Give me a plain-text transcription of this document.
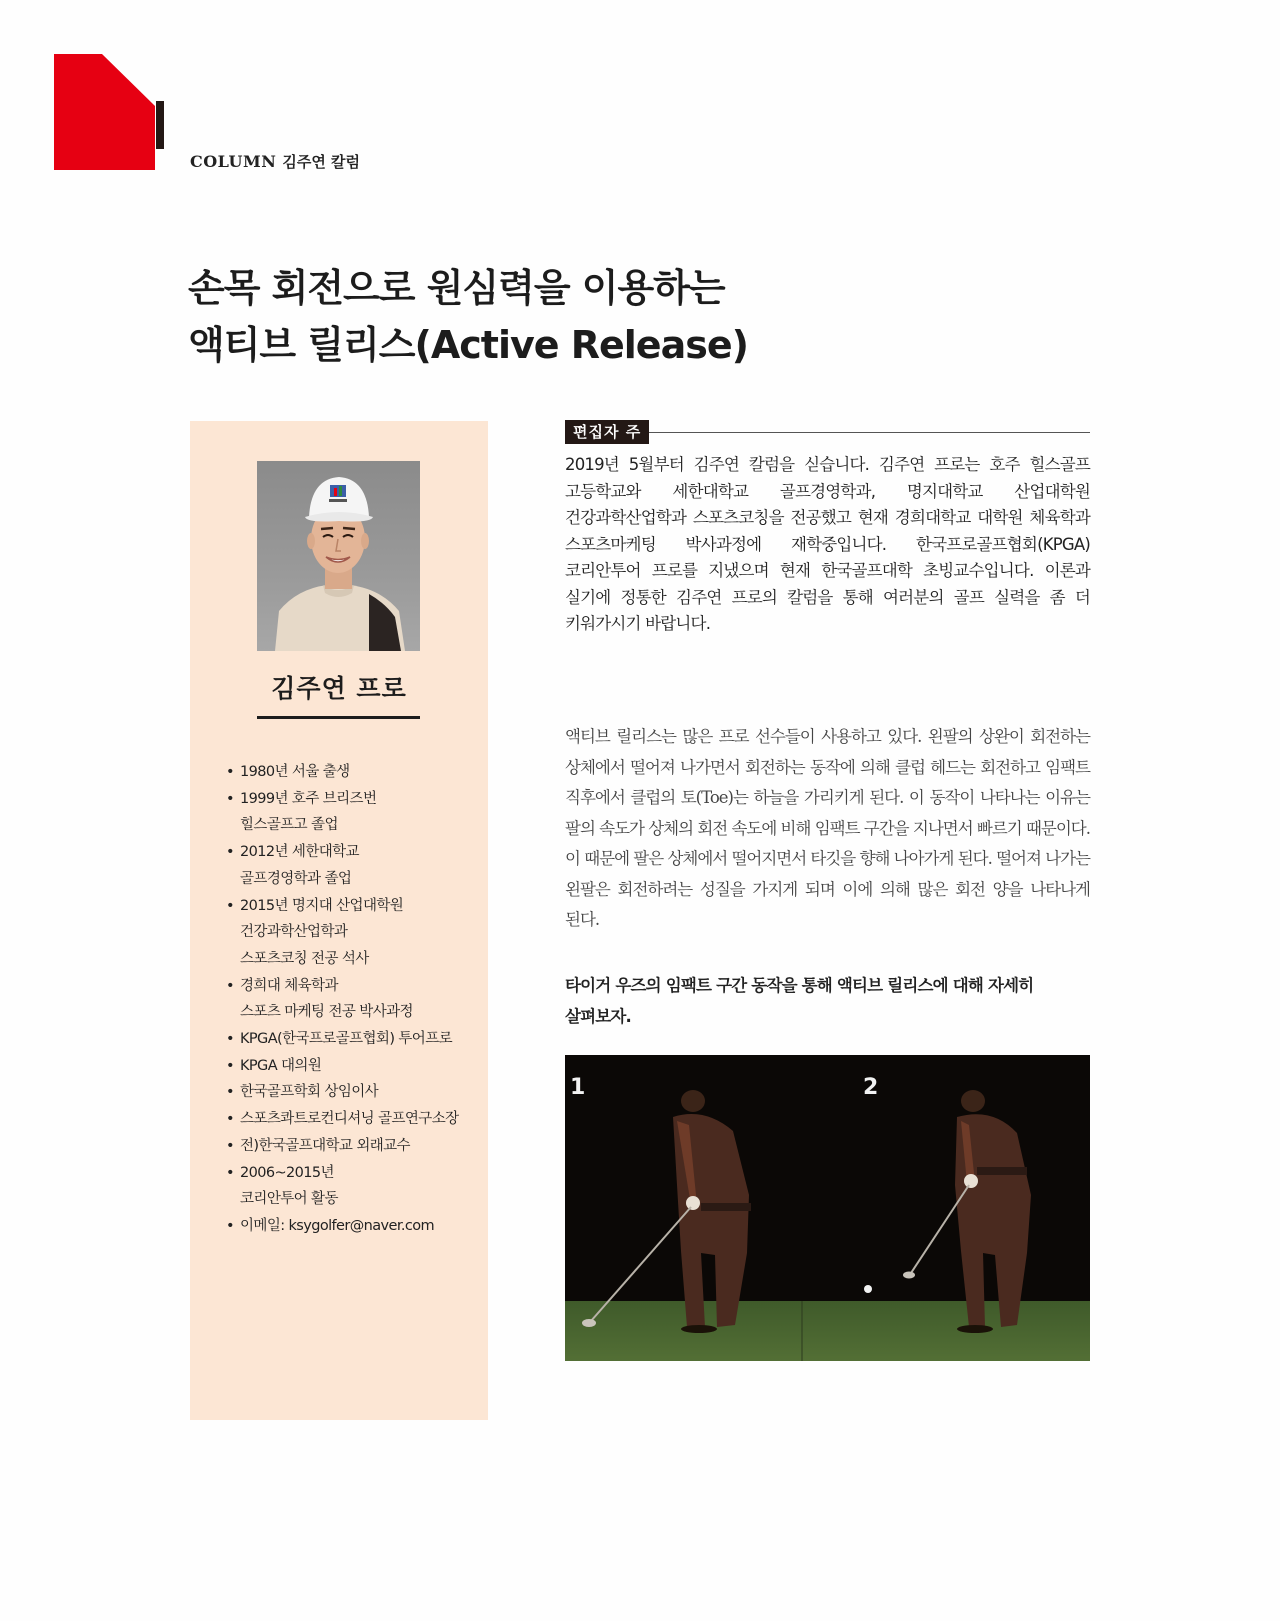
COLUMN 김주연 칼럼
손목 회전으로 원심력을 이용하는
액티브 릴리스(Active Release)
김주연 프로
• 1980년 서울 출생
• 1999년 호주 브리즈번
힐스골프고 졸업
• 2012년 세한대학교
골프경영학과 졸업
• 2015년 명지대 산업대학원
건강과학산업학과
스포츠코칭 전공 석사
• 경희대 체육학과
스포츠 마케팅 전공 박사과정
• KPGA(한국프로골프협회) 투어프로
• KPGA 대의원
• 한국골프학회 상임이사
• 스포츠콰트로컨디셔닝 골프연구소장
• 전)한국골프대학교 외래교수
• 2006~2015년
코리안투어 활동
• 이메일: ksygolfer@naver.com
편집자 주

2019년 5월부터 김주연 칼럼을 싣습니다. 김주연 프로는 호주 힐스골프 고등학교와 세한대학교 골프경영학과, 명지대학교 산업대학원 건강과학산업학과 스포츠코칭을 전공했고 현재 경희대학교 대학원 체육학과 스포츠마케팅 박사과정에 재학중입니다. 한국프로골프협회(KPGA) 코리안투어 프로를 지냈으며 현재 한국골프대학 초빙교수입니다. 이론과 실기에 정통한 김주연 프로의 칼럼을 통해 여러분의 골프 실력을 좀 더 키워가시기 바랍니다.

액티브 릴리스는 많은 프로 선수들이 사용하고 있다. 왼팔의 상완이 회전하는 상체에서 떨어져 나가면서 회전하는 동작에 의해 클럽 헤드는 회전하고 임팩트 직후에서 클럽의 토(Toe)는 하늘을 가리키게 된다. 이 동작이 나타나는 이유는 팔의 속도가 상체의 회전 속도에 비해 임팩트 구간을 지나면서 빠르기 때문이다. 이 때문에 팔은 상체에서 떨어지면서 타깃을 향해 나아가게 된다. 떨어져 나가는 왼팔은 회전하려는 성질을 가지게 되며 이에 의해 많은 회전 양을 나타나게 된다.

타이거 우즈의 임팩트 구간 동작을 통해 액티브 릴리스에 대해 자세히 살펴보자.

1	2
